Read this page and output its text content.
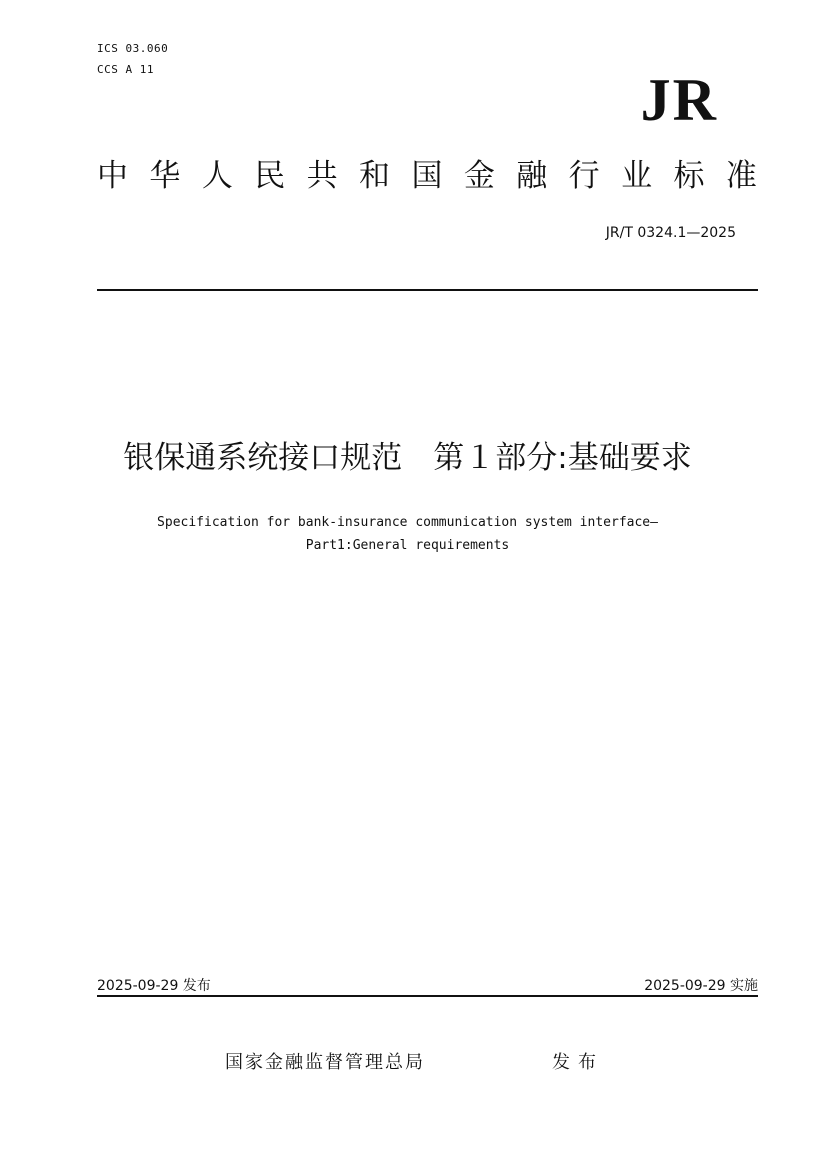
ICS 03.060
CCS A 11	JR
中 华 人 民 共 和 国 金 融 行 业 标 准
JR/T 0324.1—2025
银保通系统接口规范　第１部分:基础要求
Specification for bank-insurance communication system interface—
Part1:General requirements
2025-09-29 发布	2025-09-29 实施
国家金融监督管理总局	发布
